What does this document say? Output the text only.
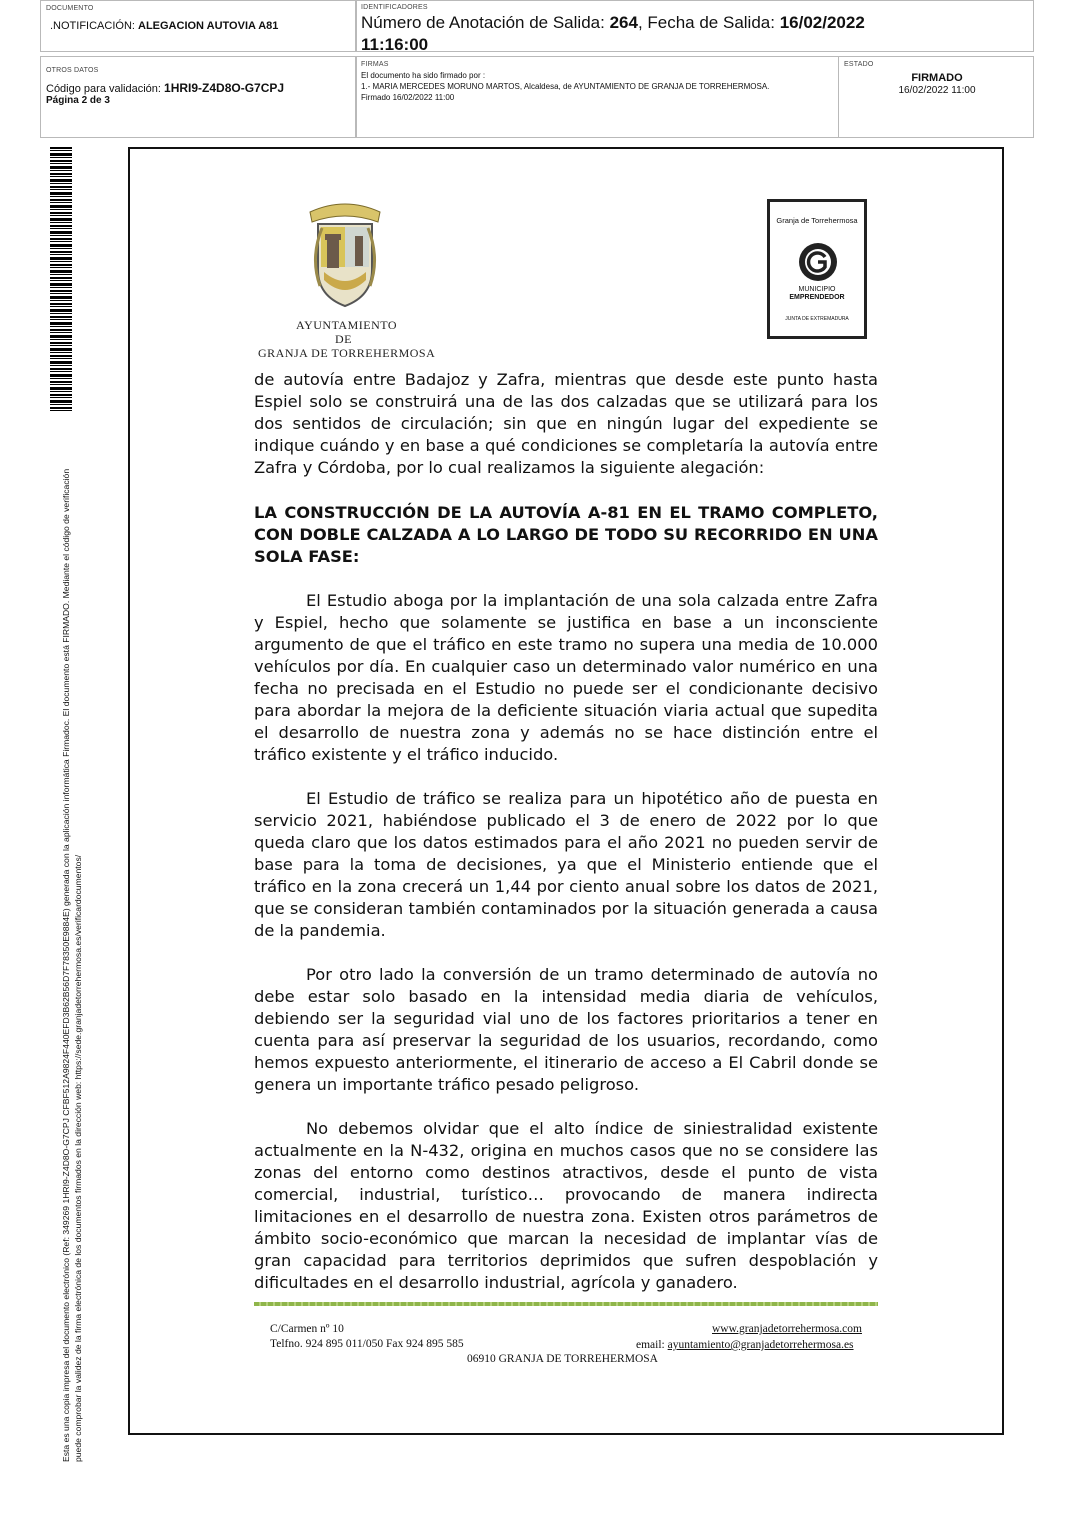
DOCUMENTO
.NOTIFICACIÓN: ALEGACION AUTOVIA A81
IDENTIFICADORES
Número de Anotación de Salida: 264, Fecha de Salida: 16/02/2022
11:16:00
OTROS DATOS
Código para validación: 1HRI9-Z4D8O-G7CPJ
Página 2 de 3
FIRMAS
El documento ha sido firmado por :
1.- MARIA MERCEDES MORUNO MARTOS, Alcaldesa, de AYUNTAMIENTO DE GRANJA DE TORREHERMOSA.
Firmado 16/02/2022 11:00
ESTADO
FIRMADO
16/02/2022 11:00
Esta es una copia impresa del documento electrónico (Ref: 349269 1HRI9-Z4D8O-G7CPJ CFBF512A9824F440EFD3B62B56D7F78350E9884E) generada con la aplicación informática Firmadoc. El documento está FIRMADO. Mediante el código de verificación puede comprobar la validez de la firma electrónica de los documentos firmados en la dirección web: https://sede.granjadetorrehermosa.es/verificardocumentos/
AYUNTAMIENTO
DE
GRANJA DE TORREHERMOSA
Granja de Torrehermosa
MUNICIPIO
EMPRENDEDOR
JUNTA DE EXTREMADURA

de autovía entre Badajoz y Zafra, mientras que desde este punto hasta Espiel solo se construirá una de las dos calzadas que se utilizará para los dos sentidos de circulación; sin que en ningún lugar del expediente se indique cuándo y en base a qué condiciones se completaría la autovía entre Zafra y Córdoba, por lo cual realizamos la siguiente alegación:

LA CONSTRUCCIÓN DE LA AUTOVÍA A-81 EN EL TRAMO COMPLETO, CON DOBLE CALZADA A LO LARGO DE TODO SU RECORRIDO EN UNA SOLA FASE:

El Estudio aboga por la implantación de una sola calzada entre Zafra y Espiel, hecho que solamente se justifica en base a un inconsciente argumento de que el tráfico en este tramo no supera una media de 10.000 vehículos por día. En cualquier caso un determinado valor numérico en una fecha no precisada en el Estudio no puede ser el condicionante decisivo para abordar la mejora de la deficiente situación viaria actual que supedita el desarrollo de nuestra zona y además no se hace distinción entre el tráfico existente y el tráfico inducido.

El Estudio de tráfico se realiza para un hipotético año de puesta en servicio 2021, habiéndose publicado el 3 de enero de 2022 por lo que queda claro que los datos estimados para el año 2021 no pueden servir de base para la toma de decisiones, ya que el Ministerio entiende que el tráfico en la zona crecerá un 1,44 por ciento anual sobre los datos de 2021, que se consideran también contaminados por la situación generada a causa de la pandemia.

Por otro lado la conversión de un tramo determinado de autovía no debe estar solo basado en la intensidad media diaria de vehículos, debiendo ser la seguridad vial uno de los factores prioritarios a tener en cuenta para así preservar la seguridad de los usuarios, recordando, como hemos expuesto anteriormente, el itinerario de acceso a El Cabril donde se genera un importante tráfico pesado peligroso.

No debemos olvidar que el alto índice de siniestralidad existente actualmente en la N-432, origina en muchos casos que no se considere las zonas del entorno como destinos atractivos, desde el punto de vista comercial, industrial, turístico… provocando de manera indirecta limitaciones en el desarrollo de nuestra zona. Existen otros parámetros de ámbito socio-económico que marcan la necesidad de implantar vías de gran capacidad para territorios deprimidos que sufren despoblación y dificultades en el desarrollo industrial, agrícola y ganadero.

C/Carmen nº 10
Telfno. 924 895 011/050 Fax 924 895 585
www.granjadetorrehermosa.com
email: ayuntamiento@granjadetorrehermosa.es
06910 GRANJA DE TORREHERMOSA
